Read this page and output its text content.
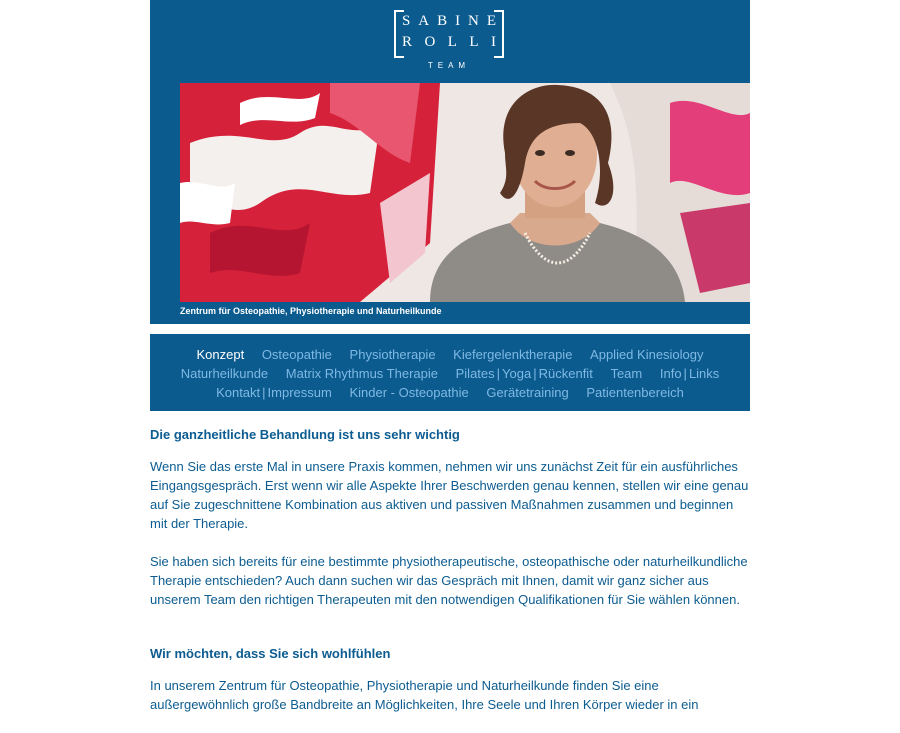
S A B I N E
R O L L I
TEAM
Zentrum für Osteopathie, Physiotherapie und Naturheilkunde
Konzept Osteopathie Physiotherapie Kiefergelenktherapie Applied Kinesiology
Naturheilkunde Matrix Rhythmus Therapie Pilates | Yoga | Rückenfit Team Info | Links
Kontakt | Impressum Kinder - Osteopathie Gerätetraining Patientenbereich
Die ganzheitliche Behandlung ist uns sehr wichtig

Wenn Sie das erste Mal in unsere Praxis kommen, nehmen wir uns zunächst Zeit für ein ausführliches Eingangsgespräch. Erst wenn wir alle Aspekte Ihrer Beschwerden genau kennen, stellen wir eine genau auf Sie zugeschnittene Kombination aus aktiven und passiven Maßnahmen zusammen und beginnen mit der Therapie.

Sie haben sich bereits für eine bestimmte physiotherapeutische, osteopathische oder naturheilkundliche Therapie entschieden? Auch dann suchen wir das Gespräch mit Ihnen, damit wir ganz sicher aus unserem Team den richtigen Therapeuten mit den notwendigen Qualifikationen für Sie wählen können.

Wir möchten, dass Sie sich wohlfühlen

In unserem Zentrum für Osteopathie, Physiotherapie und Naturheilkunde finden Sie eine außergewöhnlich große Bandbreite an Möglichkeiten, Ihre Seele und Ihren Körper wieder in ein
